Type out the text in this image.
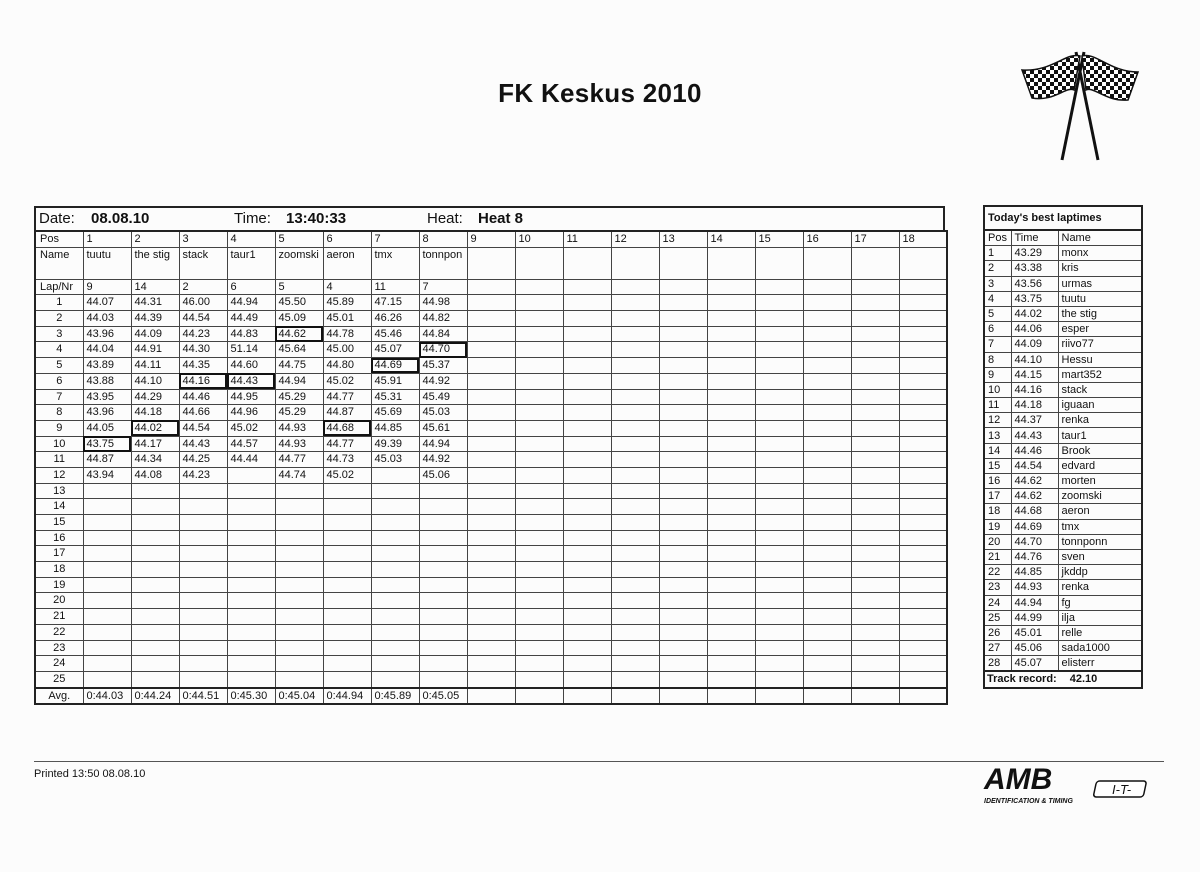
FK Keskus 2010
Date: 08.08.10	Time: 13:40:33	Heat: Heat 8
Pos	1	2	3	4	5	6	7	8	9	10	11	12	13	14	15	16	17	18
Name	tuutu	the stig	stack	taur1	zoomski	aeron	tmx	tonnpon										
Lap/Nr	9	14	2	6	5	4	11	7										
1	44.07	44.31	46.00	44.94	45.50	45.89	47.15	44.98										
2	44.03	44.39	44.54	44.49	45.09	45.01	46.26	44.82										
3	43.96	44.09	44.23	44.83	44.62	44.78	45.46	44.84										
4	44.04	44.91	44.30	51.14	45.64	45.00	45.07	44.70										
5	43.89	44.11	44.35	44.60	44.75	44.80	44.69	45.37										
6	43.88	44.10	44.16	44.43	44.94	45.02	45.91	44.92										
7	43.95	44.29	44.46	44.95	45.29	44.77	45.31	45.49										
8	43.96	44.18	44.66	44.96	45.29	44.87	45.69	45.03										
9	44.05	44.02	44.54	45.02	44.93	44.68	44.85	45.61										
10	43.75	44.17	44.43	44.57	44.93	44.77	49.39	44.94										
11	44.87	44.34	44.25	44.44	44.77	44.73	45.03	44.92										
12	43.94	44.08	44.23		44.74	45.02		45.06										
13																		
14																		
15																		
16																		
17																		
18																		
19																		
20																		
21																		
22																		
23																		
24																		
25																		
Avg.	0:44.03	0:44.24	0:44.51	0:45.30	0:45.04	0:44.94	0:45.89	0:45.05										
Today's best laptimes		
Pos	Time	Name
1	43.29	monx
2	43.38	kris
3	43.56	urmas
4	43.75	tuutu
5	44.02	the stig
6	44.06	esper
7	44.09	riivo77
8	44.10	Hessu
9	44.15	mart352
10	44.16	stack
11	44.18	iguaan
12	44.37	renka
13	44.43	taur1
14	44.46	Brook
15	44.54	edvard
16	44.62	morten
17	44.62	zoomski
18	44.68	aeron
19	44.69	tmx
20	44.70	tonnponn
21	44.76	sven
22	44.85	jkddp
23	44.93	renka
24	44.94	fg
25	44.99	ilja
26	45.01	relle
27	45.06	sada1000
28	45.07	elisterr
Track record: 42.10
Printed 13:50 08.08.10	AMB	I-T-
IDENTIFICATION & TIMING
